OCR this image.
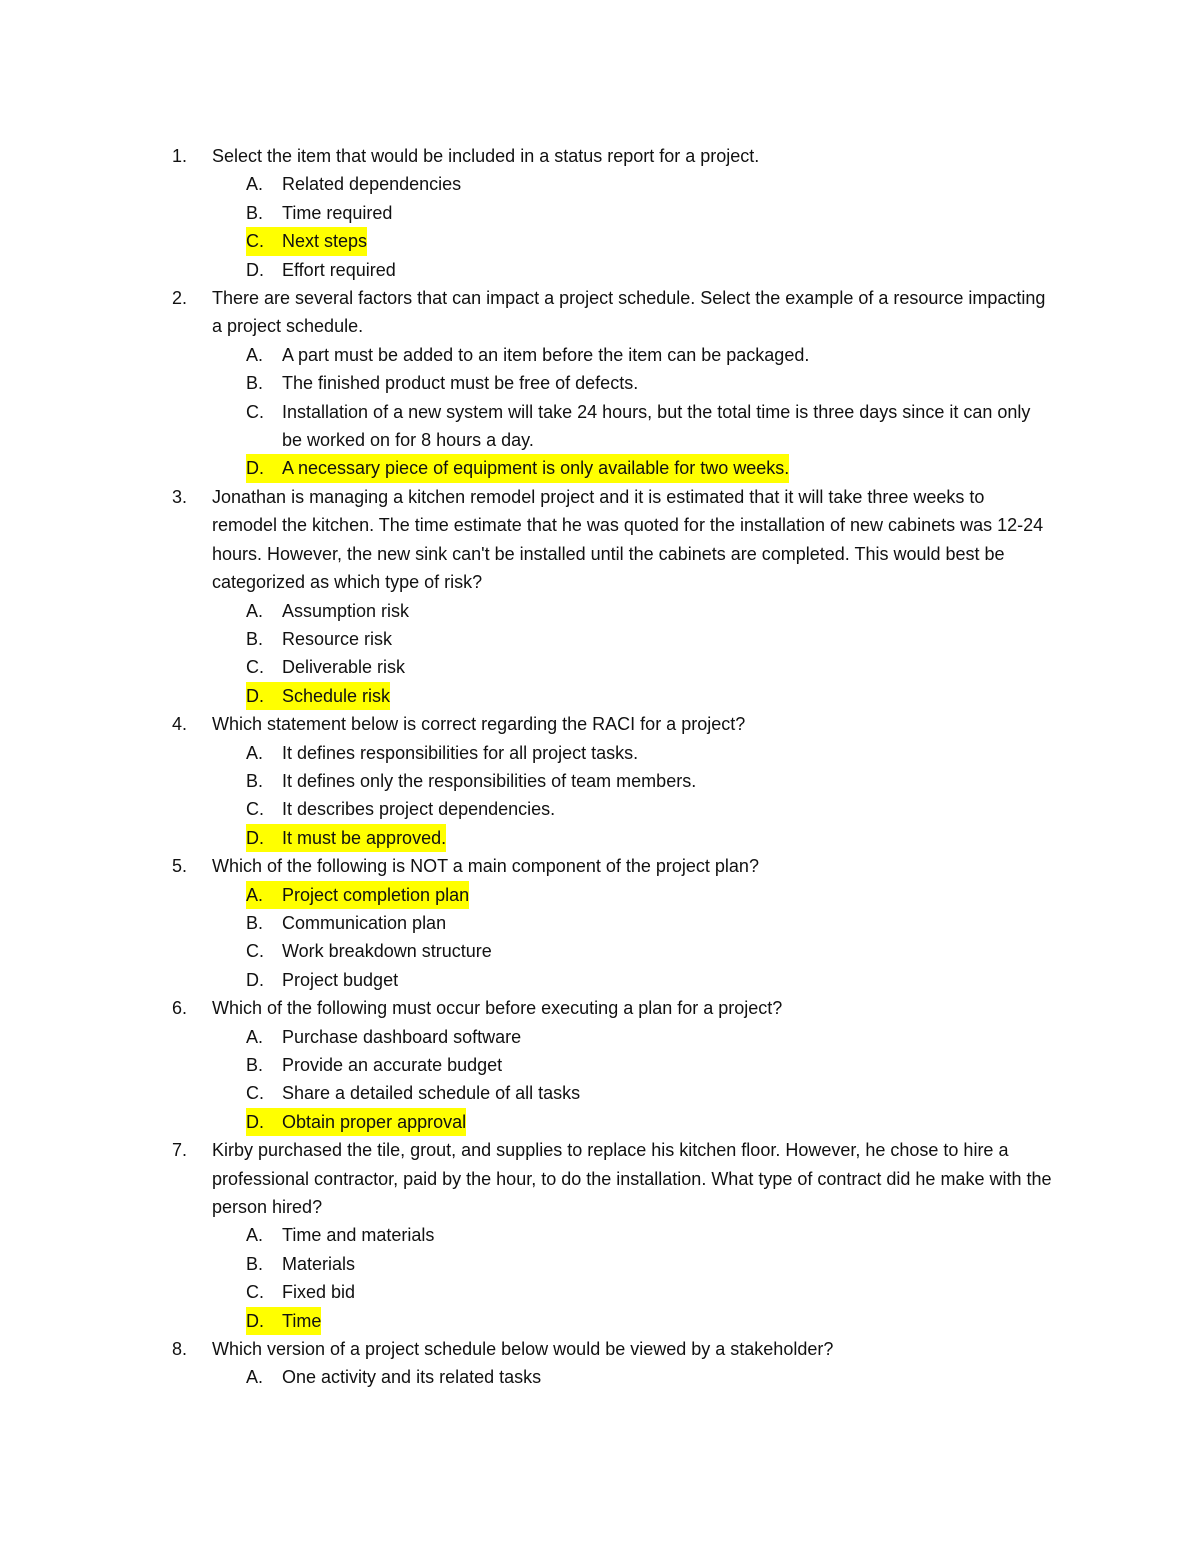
1.	Select the item that would be included in a status report for a project.
A.	Related dependencies
B.	Time required
C.	Next steps
D.	Effort required
2.	There are several factors that can impact a project schedule. Select the example of a resource impacting a project schedule.
A.	A part must be added to an item before the item can be packaged.
B.	The finished product must be free of defects.
C.	Installation of a new system will take 24 hours, but the total time is three days since it can only be worked on for 8 hours a day.
D.	A necessary piece of equipment is only available for two weeks.
3.	Jonathan is managing a kitchen remodel project and it is estimated that it will take three weeks to remodel the kitchen. The time estimate that he was quoted for the installation of new cabinets was 12-24 hours. However, the new sink can't be installed until the cabinets are completed. This would best be categorized as which type of risk?
A.	Assumption risk
B.	Resource risk
C.	Deliverable risk
D.	Schedule risk
4.	Which statement below is correct regarding the RACI for a project?
A.	It defines responsibilities for all project tasks.
B.	It defines only the responsibilities of team members.
C.	It describes project dependencies.
D.	It must be approved.
5.	Which of the following is NOT a main component of the project plan?
A.	Project completion plan
B.	Communication plan
C.	Work breakdown structure
D.	Project budget
6.	Which of the following must occur before executing a plan for a project?
A.	Purchase dashboard software
B.	Provide an accurate budget
C.	Share a detailed schedule of all tasks
D.	Obtain proper approval
7.	Kirby purchased the tile, grout, and supplies to replace his kitchen floor. However, he chose to hire a professional contractor, paid by the hour, to do the installation. What type of contract did he make with the person hired?
A.	Time and materials
B.	Materials
C.	Fixed bid
D.	Time
8.	Which version of a project schedule below would be viewed by a stakeholder?
A.	One activity and its related tasks
